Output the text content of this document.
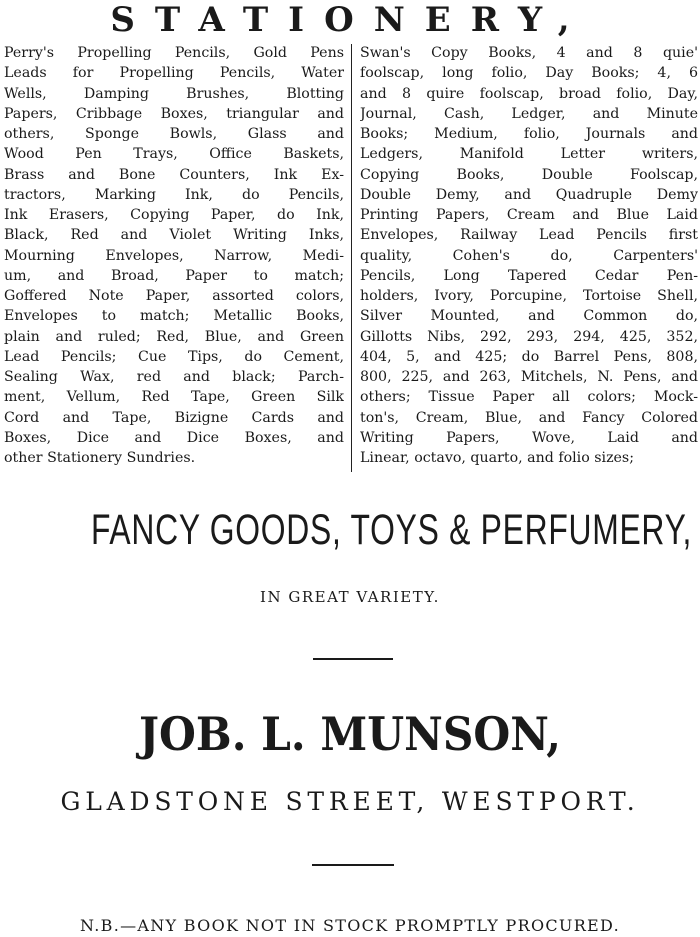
STATIONERY,
Perry's Propelling Pencils, Gold Pens
Leads for Propelling Pencils, Water
Wells, Damping Brushes, Blotting
Papers, Cribbage Boxes, triangular and
others, Sponge Bowls, Glass and
Wood Pen Trays, Office Baskets,
Brass and Bone Counters, Ink Ex-
tractors, Marking Ink, do Pencils,
Ink Erasers, Copying Paper, do Ink,
Black, Red and Violet Writing Inks,
Mourning Envelopes, Narrow, Medi-
um, and Broad, Paper to match;
Goffered Note Paper, assorted colors,
Envelopes to match; Metallic Books,
plain and ruled; Red, Blue, and Green
Lead Pencils; Cue Tips, do Cement,
Sealing Wax, red and black; Parch-
ment, Vellum, Red Tape, Green Silk
Cord and Tape, Bizigne Cards and
Boxes, Dice and Dice Boxes, and
other Stationery Sundries.
Swan's Copy Books, 4 and 8 quie'
foolscap, long folio, Day Books; 4, 6
and 8 quire foolscap, broad folio, Day,
Journal, Cash, Ledger, and Minute
Books; Medium, folio, Journals and
Ledgers, Manifold Letter writers,
Copying Books, Double Foolscap,
Double Demy, and Quadruple Demy
Printing Papers, Cream and Blue Laid
Envelopes, Railway Lead Pencils first
quality, Cohen's do, Carpenters'
Pencils, Long Tapered Cedar Pen-
holders, Ivory, Porcupine, Tortoise Shell,
Silver Mounted, and Common do,
Gillotts Nibs, 292, 293, 294, 425, 352,
404, 5, and 425; do Barrel Pens, 808,
800, 225, and 263, Mitchels, N. Pens, and
others; Tissue Paper all colors; Mock-
ton's, Cream, Blue, and Fancy Colored
Writing Papers, Wove, Laid and
Linear, octavo, quarto, and folio sizes;
FANCY GOODS, TOYS & PERFUMERY,
IN GREAT VARIETY.
JOB. L. MUNSON,
GLADSTONE STREET, WESTPORT.
N.B.—ANY BOOK NOT IN STOCK PROMPTLY PROCURED.
